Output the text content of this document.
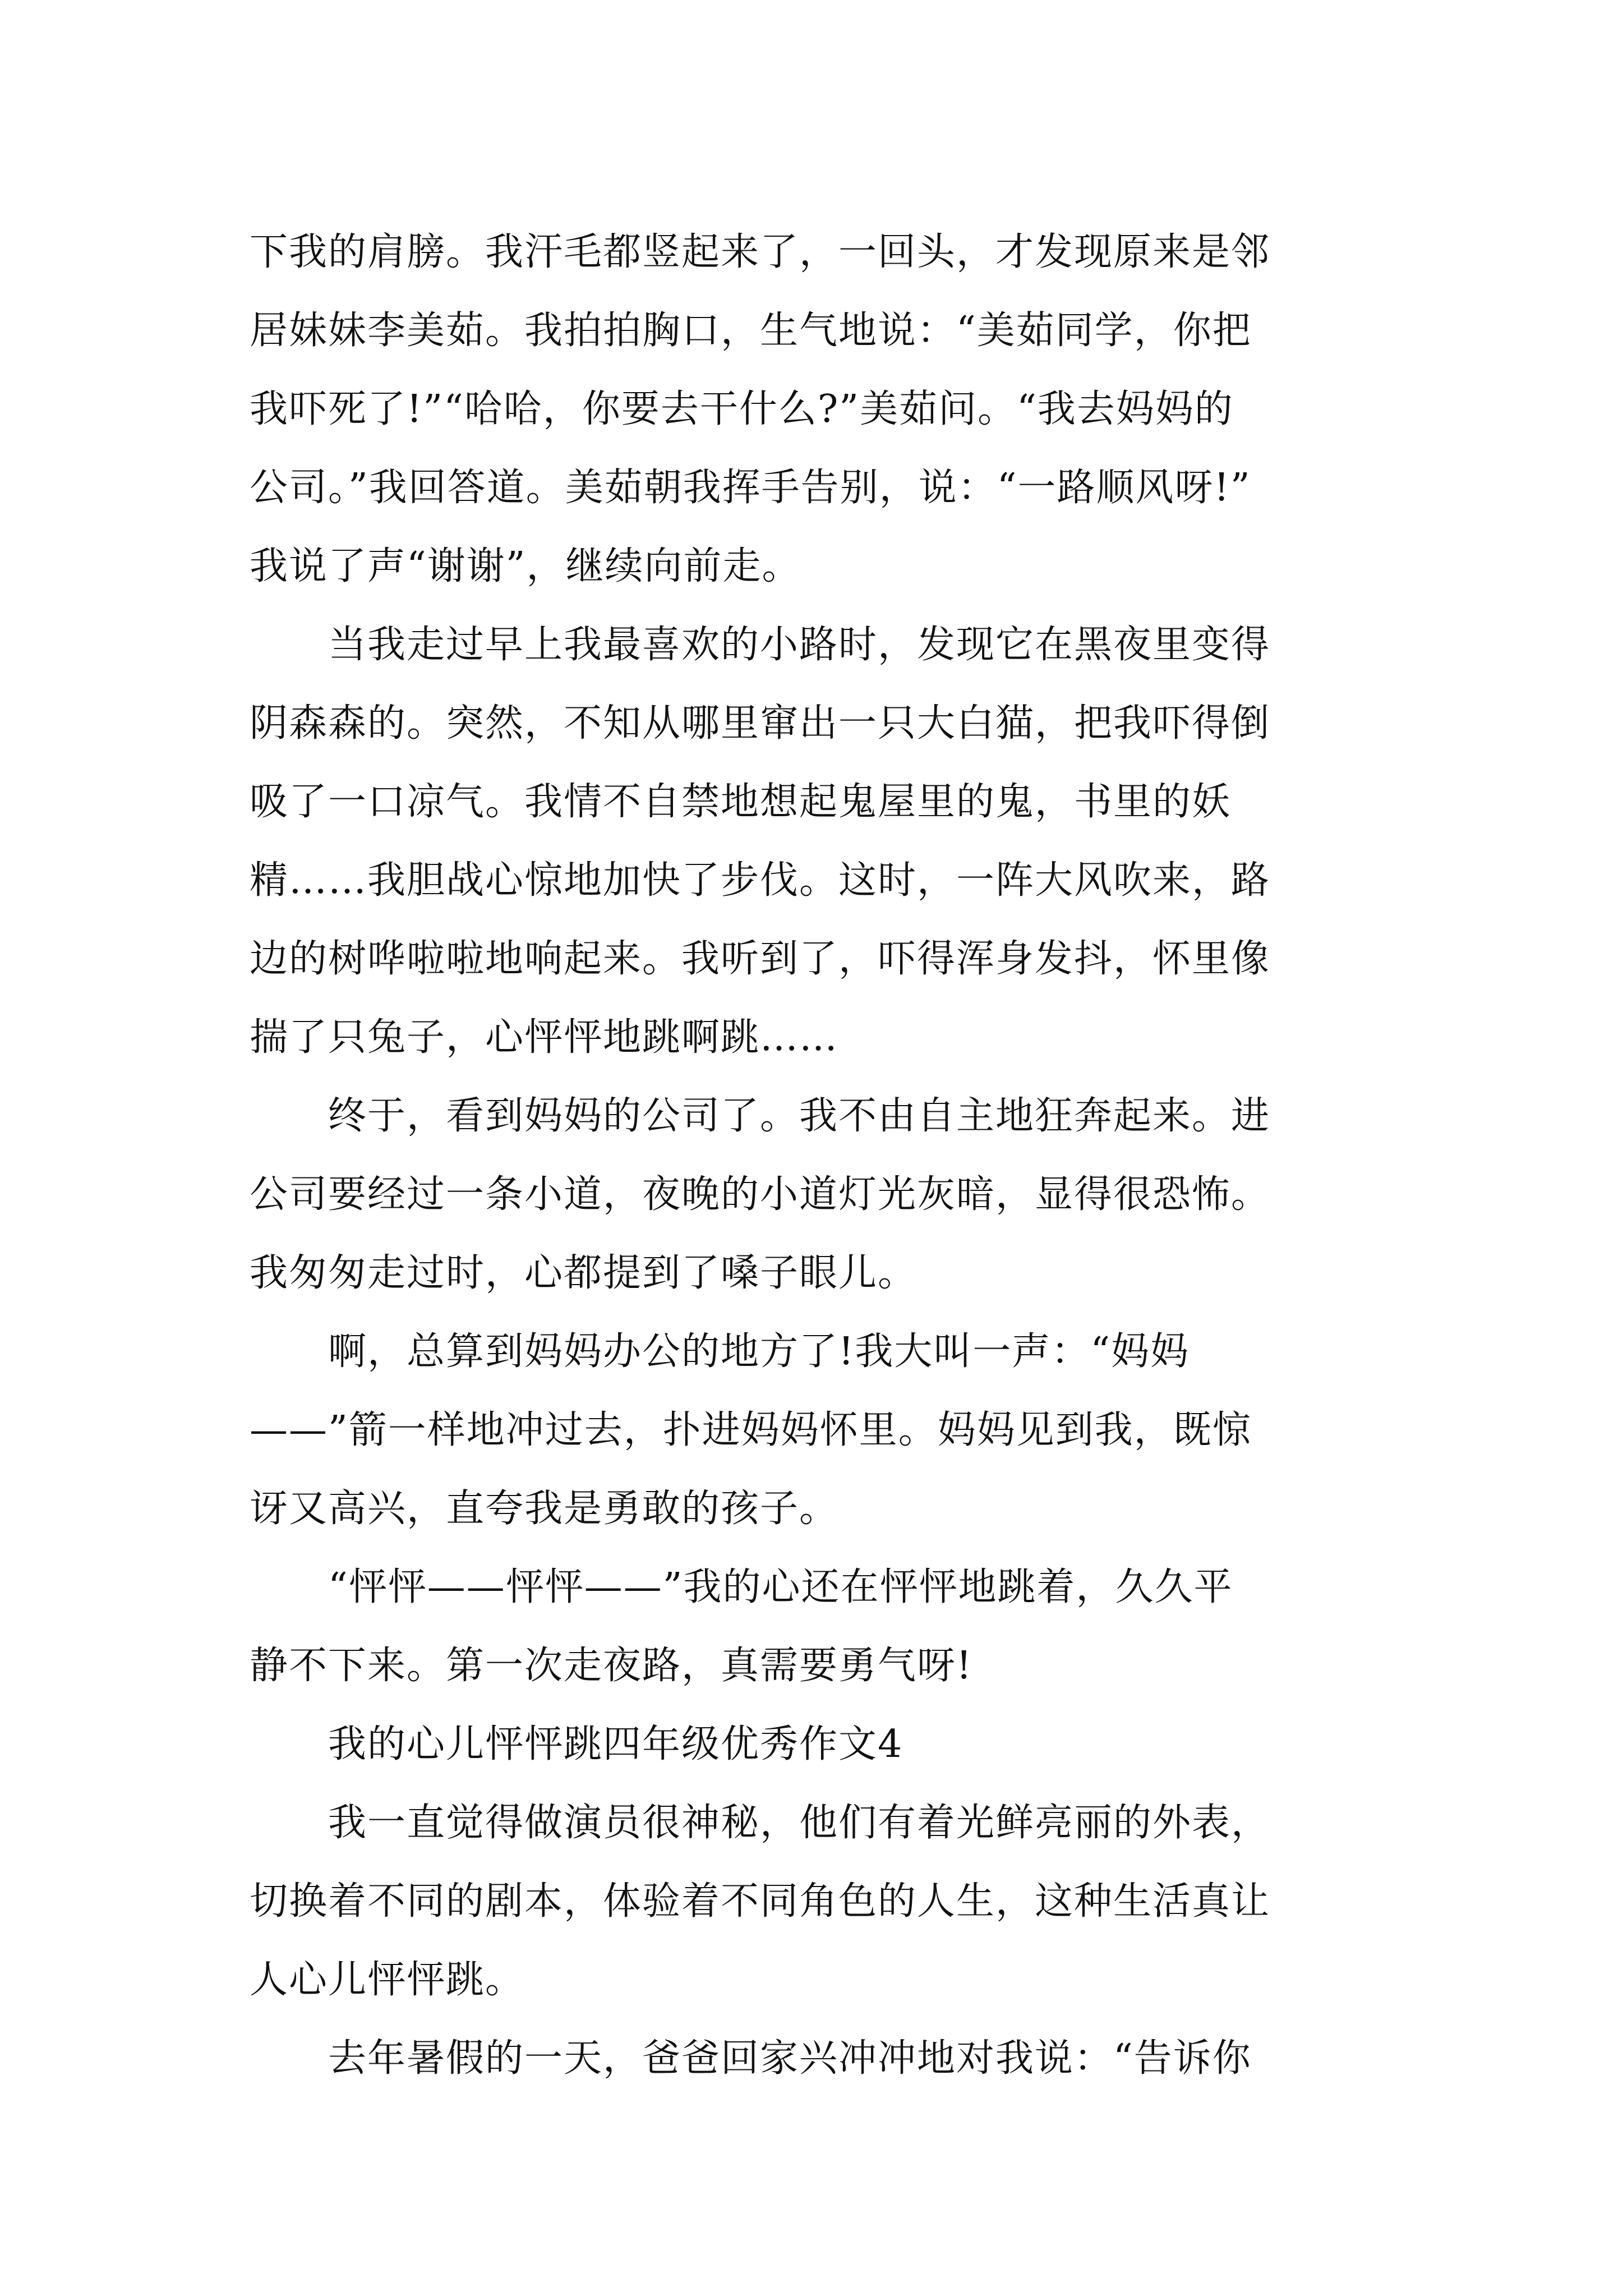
下我的肩膀。我汗毛都竖起来了，一回头，才发现原来是邻
居妹妹李美茹。我拍拍胸口，生气地说：“美茹同学，你把
我吓死了!”“哈哈，你要去干什么?”美茹问。“我去妈妈的
公司。”我回答道。美茹朝我挥手告别，说：“一路顺风呀!”
我说了声“谢谢”，继续向前走。
　　当我走过早上我最喜欢的小路时，发现它在黑夜里变得
阴森森的。突然，不知从哪里窜出一只大白猫，把我吓得倒
吸了一口凉气。我情不自禁地想起鬼屋里的鬼，书里的妖
精……我胆战心惊地加快了步伐。这时，一阵大风吹来，路
边的树哗啦啦地响起来。我听到了，吓得浑身发抖，怀里像
揣了只兔子，心怦怦地跳啊跳……
　　终于，看到妈妈的公司了。我不由自主地狂奔起来。进
公司要经过一条小道，夜晚的小道灯光灰暗，显得很恐怖。
我匆匆走过时，心都提到了嗓子眼儿。
　　啊，总算到妈妈办公的地方了!我大叫一声：“妈妈
——”箭一样地冲过去，扑进妈妈怀里。妈妈见到我，既惊
讶又高兴，直夸我是勇敢的孩子。
　　“怦怦——怦怦——”我的心还在怦怦地跳着，久久平
静不下来。第一次走夜路，真需要勇气呀!
　　我的心儿怦怦跳四年级优秀作文4
　　我一直觉得做演员很神秘，他们有着光鲜亮丽的外表，
切换着不同的剧本，体验着不同角色的人生，这种生活真让
人心儿怦怦跳。
　　去年暑假的一天，爸爸回家兴冲冲地对我说：“告诉你
